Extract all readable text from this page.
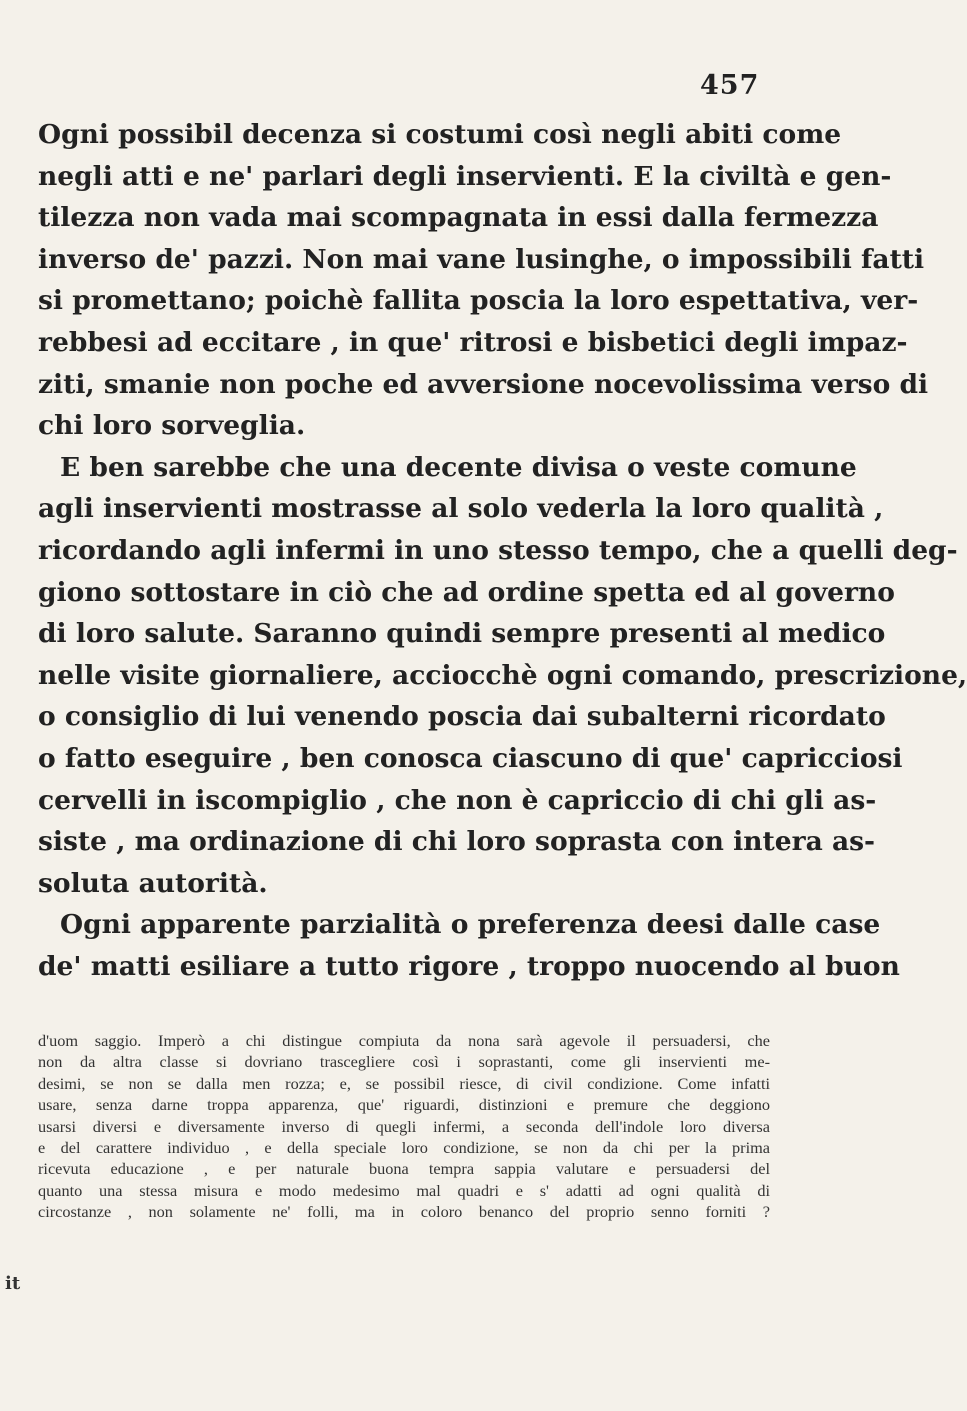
457
Ogni possibil decenza si costumi così negli abiti come
negli atti e ne' parlari degli inservienti. E la civiltà e gen-
tilezza non vada mai scompagnata in essi dalla fermezza
inverso de' pazzi. Non mai vane lusinghe, o impossibili fatti
si promettano; poichè fallita poscia la loro espettativa, ver-
rebbesi ad eccitare , in que' ritrosi e bisbetici degli impaz-
ziti, smanie non poche ed avversione nocevolissima verso di
chi loro sorveglia.
E ben sarebbe che una decente divisa o veste comune
agli inservienti mostrasse al solo vederla la loro qualità ,
ricordando agli infermi in uno stesso tempo, che a quelli deg-
giono sottostare in ciò che ad ordine spetta ed al governo
di loro salute. Saranno quindi sempre presenti al medico
nelle visite giornaliere, acciocchè ogni comando, prescrizione,
o consiglio di lui venendo poscia dai subalterni ricordato
o fatto eseguire , ben conosca ciascuno di que' capricciosi
cervelli in iscompiglio , che non è capriccio di chi gli as-
siste , ma ordinazione di chi loro soprasta con intera as-
soluta autorità.
Ogni apparente parzialità o preferenza deesi dalle case
de' matti esiliare a tutto rigore , troppo nuocendo al buon
d'uom saggio. Imperò a chi distingue compiuta da nona sarà agevole il persuadersi, che
non da altra classe si dovriano trascegliere così i soprastanti, come gli inservienti me-
desimi, se non se dalla men rozza; e, se possibil riesce, di civil condizione. Come infatti
usare, senza darne troppa apparenza, que' riguardi, distinzioni e premure che deggiono
usarsi diversi e diversamente inverso di quegli infermi, a seconda dell'indole loro diversa
e del carattere individuo , e della speciale loro condizione, se non da chi per la prima
ricevuta educazione , e per naturale buona tempra sappia valutare e persuadersi del
quanto una stessa misura e modo medesimo mal quadri e s' adatti ad ogni qualità di
circostanze , non solamente ne' folli, ma in coloro benanco del proprio senno forniti ?
it
